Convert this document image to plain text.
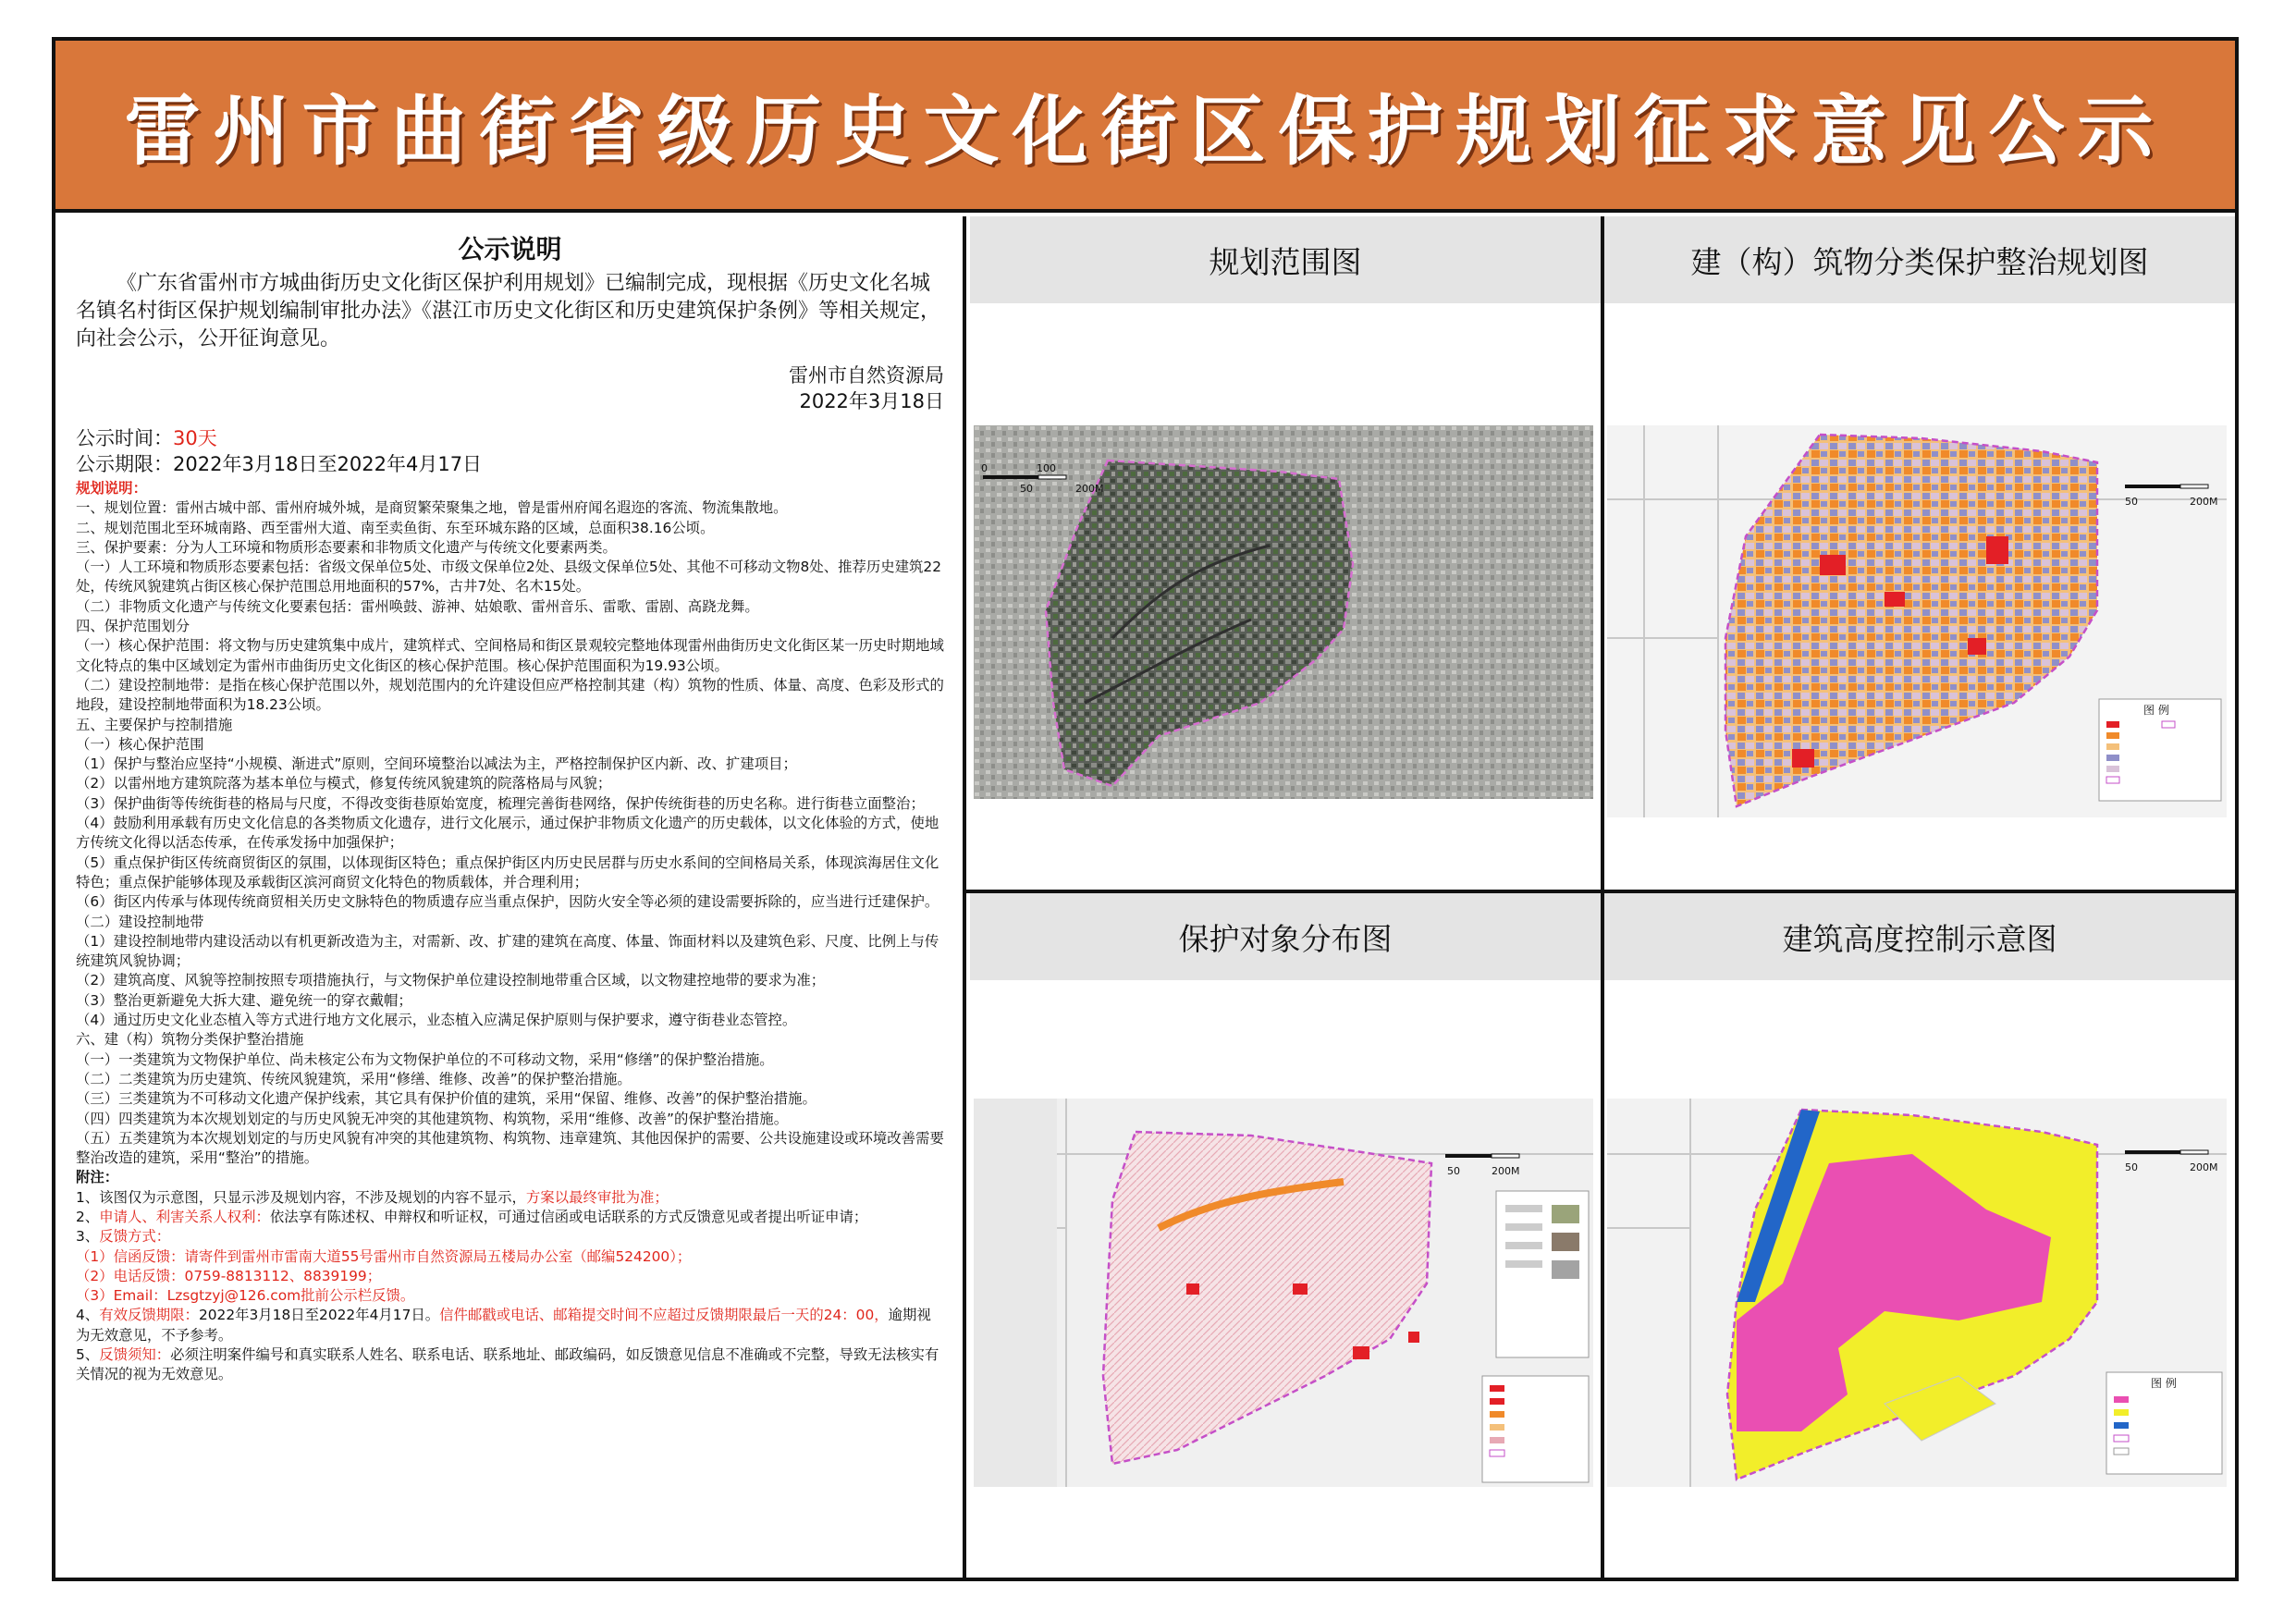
雷州市曲街省级历史文化街区保护规划征求意见公示
公示说明

《广东省雷州市方城曲街历史文化街区保护利用规划》已编制完成，现根据《历史文化名城名镇名村街区保护规划编制审批办法》《湛江市历史文化街区和历史建筑保护条例》等相关规定，向社会公示，公开征询意见。

雷州市自然资源局
2022年3月18日

公示时间：30天

公示期限：2022年3月18日至2022年4月17日

规划说明：
一、规划位置：雷州古城中部、雷州府城外城，是商贸繁荣聚集之地，曾是雷州府闻名遐迩的客流、物流集散地。
二、规划范围北至环城南路、西至雷州大道、南至卖鱼街、东至环城东路的区域，总面积38.16公顷。
三、保护要素：分为人工环境和物质形态要素和非物质文化遗产与传统文化要素两类。
（一）人工环境和物质形态要素包括：省级文保单位5处、市级文保单位2处、县级文保单位5处、其他不可移动文物8处、推荐历史建筑22处，传统风貌建筑占街区核心保护范围总用地面积的57%，古井7处、名木15处。
（二）非物质文化遗产与传统文化要素包括：雷州唤鼓、游神、姑娘歌、雷州音乐、雷歌、雷剧、高跷龙舞。
四、保护范围划分
（一）核心保护范围：将文物与历史建筑集中成片，建筑样式、空间格局和街区景观较完整地体现雷州曲街历史文化街区某一历史时期地域文化特点的集中区域划定为雷州市曲街历史文化街区的核心保护范围。核心保护范围面积为19.93公顷。
（二）建设控制地带：是指在核心保护范围以外，规划范围内的允许建设但应严格控制其建（构）筑物的性质、体量、高度、色彩及形式的地段，建设控制地带面积为18.23公顷。
五、主要保护与控制措施
（一）核心保护范围
（1）保护与整治应坚持“小规模、渐进式”原则，空间环境整治以减法为主，严格控制保护区内新、改、扩建项目；
（2）以雷州地方建筑院落为基本单位与模式，修复传统风貌建筑的院落格局与风貌；
（3）保护曲街等传统街巷的格局与尺度，不得改变街巷原始宽度，梳理完善街巷网络，保护传统街巷的历史名称。进行街巷立面整治；
（4）鼓励利用承载有历史文化信息的各类物质文化遗存，进行文化展示，通过保护非物质文化遗产的历史载体，以文化体验的方式，使地方传统文化得以活态传承，在传承发扬中加强保护；
（5）重点保护街区传统商贸街区的氛围，以体现街区特色；重点保护街区内历史民居群与历史水系间的空间格局关系，体现滨海居住文化特色；重点保护能够体现及承载街区滨河商贸文化特色的物质载体，并合理利用；
（6）街区内传承与体现传统商贸相关历史文脉特色的物质遗存应当重点保护，因防火安全等必须的建设需要拆除的，应当进行迁建保护。
（二）建设控制地带
（1）建设控制地带内建设活动以有机更新改造为主，对需新、改、扩建的建筑在高度、体量、饰面材料以及建筑色彩、尺度、比例上与传统建筑风貌协调；
（2）建筑高度、风貌等控制按照专项措施执行，与文物保护单位建设控制地带重合区域，以文物建控地带的要求为准；
（3）整治更新避免大拆大建、避免统一的穿衣戴帽；
（4）通过历史文化业态植入等方式进行地方文化展示，业态植入应满足保护原则与保护要求，遵守街巷业态管控。
六、建（构）筑物分类保护整治措施
（一）一类建筑为文物保护单位、尚未核定公布为文物保护单位的不可移动文物，采用“修缮”的保护整治措施。
（二）二类建筑为历史建筑、传统风貌建筑，采用“修缮、维修、改善”的保护整治措施。
（三）三类建筑为不可移动文化遗产保护线索，其它具有保护价值的建筑，采用“保留、维修、改善”的保护整治措施。
（四）四类建筑为本次规划划定的与历史风貌无冲突的其他建筑物、构筑物，采用“维修、改善”的保护整治措施。
（五）五类建筑为本次规划划定的与历史风貌有冲突的其他建筑物、构筑物、违章建筑、其他因保护的需要、公共设施建设或环境改善需要整治改造的建筑，采用“整治”的措施。
附注：
1、该图仅为示意图，只显示涉及规划内容，不涉及规划的内容不显示，方案以最终审批为准；
2、申请人、利害关系人权利：依法享有陈述权、申辩权和听证权，可通过信函或电话联系的方式反馈意见或者提出听证申请；
3、反馈方式：
（1）信函反馈：请寄件到雷州市雷南大道55号雷州市自然资源局五楼局办公室（邮编524200）；
（2）电话反馈：0759-8813112、8839199；
（3）Email：Lzsgtzyj@126.com批前公示栏反馈。
4、有效反馈期限：2022年3月18日至2022年4月17日。信件邮戳或电话、邮箱提交时间不应超过反馈期限最后一天的24：00，逾期视为无效意见，不予参考。
5、反馈须知：必须注明案件编号和真实联系人姓名、联系电话、联系地址、邮政编码，如反馈意见信息不准确或不完整，导致无法核实有关情况的视为无效意见。
规划范围图
0	100
200M
50
建（构）筑物分类保护整治规划图
50	200M
图 例
保护对象分布图
50	200M
建筑高度控制示意图
50	200M
图 例
